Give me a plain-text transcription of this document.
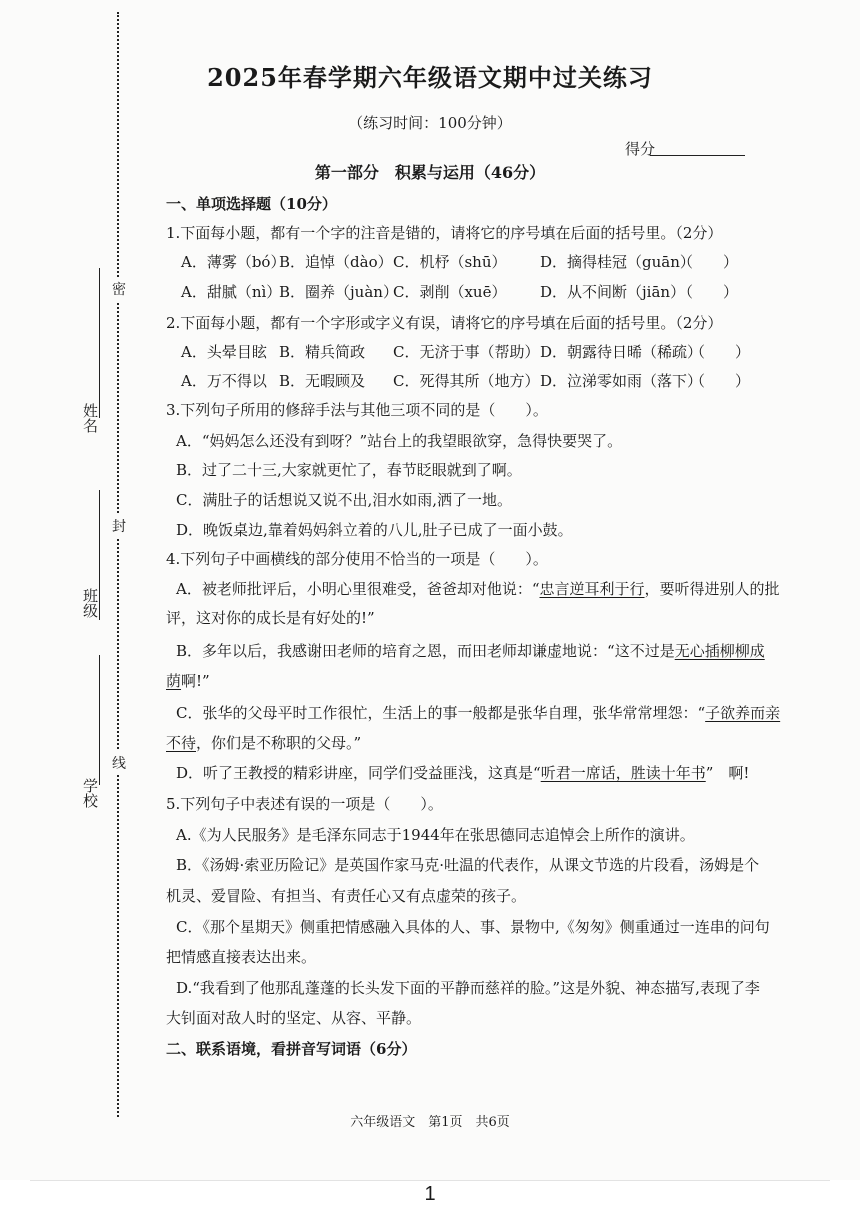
姓名
班级
学校
密
封
线
2025年春学期六年级语文期中过关练习
（练习时间：100分钟）
得分
第一部分　积累与运用（46分）
一、单项选择题（10分）
1.下面每小题，都有一个字的注音是错的，请将它的序号填在后面的括号里。（2分）
A．薄雾（bó）
B．追悼（dào） C．机杼（shū） D．摘得桂冠（guān）
（　　）
A．甜腻（nì）
B．圈养（juàn）
C．剥削（xuē） D．从不间断（jiān）
（　　）
2.下面每小题，都有一个字形或字义有误，请将它的序号填在后面的括号里。（2分）
A．头晕目眩 B．精兵简政 C．无济于事（帮助） D．朝露待日晞（稀疏）
（　　）
A．万不得以 B．无暇顾及 C．死得其所（地方） D．泣涕零如雨（落下）
（　　）
3.下列句子所用的修辞手法与其他三项不同的是（　　）。
A．“妈妈怎么还没有到呀？”站台上的我望眼欲穿，急得快要哭了。
B．过了二十三,大家就更忙了，春节眨眼就到了啊。
C．满肚子的话想说又说不出,泪水如雨,洒了一地。
D．晚饭桌边,靠着妈妈斜立着的八儿,肚子已成了一面小鼓。
4.下列句子中画横线的部分使用不恰当的一项是（　　）。
A．被老师批评后，小明心里很难受，爸爸却对他说：“忠言逆耳利于行，要听得进别人的批
评，这对你的成长是有好处的!”
B．多年以后，我感谢田老师的培育之恩，而田老师却谦虚地说：“这不过是无心插柳柳成
荫啊!”
C．张华的父母平时工作很忙，生活上的事一般都是张华自理，张华常常埋怨：“子欲养而亲
不待，你们是不称职的父母。”
D．听了王教授的精彩讲座，同学们受益匪浅，这真是“听君一席话，胜读十年书”　啊!
5.下列句子中表述有误的一项是（　　）。
A.《为人民服务》是毛泽东同志于1944年在张思德同志追悼会上所作的演讲。
B．《汤姆·索亚历险记》是英国作家马克·吐温的代表作，从课文节选的片段看，汤姆是个
机灵、爱冒险、有担当、有责任心又有点虚荣的孩子。
C．《那个星期天》侧重把情感融入具体的人、事、景物中,《匆匆》侧重通过一连串的问句
把情感直接表达出来。
D.“我看到了他那乱蓬蓬的长头发下面的平静而慈祥的脸。”这是外貌、神态描写,表现了李
大钊面对敌人时的坚定、从容、平静。
二、联系语境，看拼音写词语（6分）
六年级语文　第1页　共6页
1
